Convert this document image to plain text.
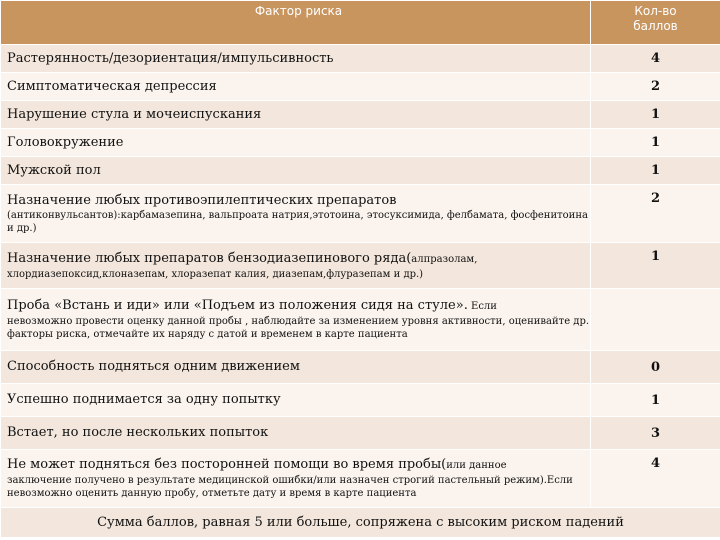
Фактор риска	Кол-во баллов
Растерянность/дезориентация/импульсивность	4
Симптоматическая депрессия	2
Нарушение стула и мочеиспускания	1
Головокружение	1
Мужской пол	1

Назначение любых противоэпилептических препаратов
(антиконвульсантов):карбамазепина, вальпроата натрия,этотоина, этосуксимида, фелбамата, фосфенитоина и др.)	2

Назначение любых препаратов бензодиазепинового ряда(алпразолам,
хлордиазепоксид,клоназепам, хлоразепат калия, диазепам,флуразепам и др.)	1

Проба «Встань и иди» или «Подъем из положения сидя на стуле». Если
невозможно провести оценку данной пробы , наблюдайте за изменением уровня активности, оценивайте др. факторы риска, отмечайте их наряду с датой и временем в карте пациента	

Способность подняться одним движением	0
Успешно поднимается за одну попытку	1
Встает, но после нескольких попыток	3

Не может подняться без посторонней помощи во время пробы(или данное
заключение получено в результате медицинской ошибки/или назначен строгий пастельный режим).Если невозможно оценить данную пробу, отметьте дату и время в карте пациента	4
Сумма баллов, равная 5 или больше, сопряжена с высоким риском падений	
